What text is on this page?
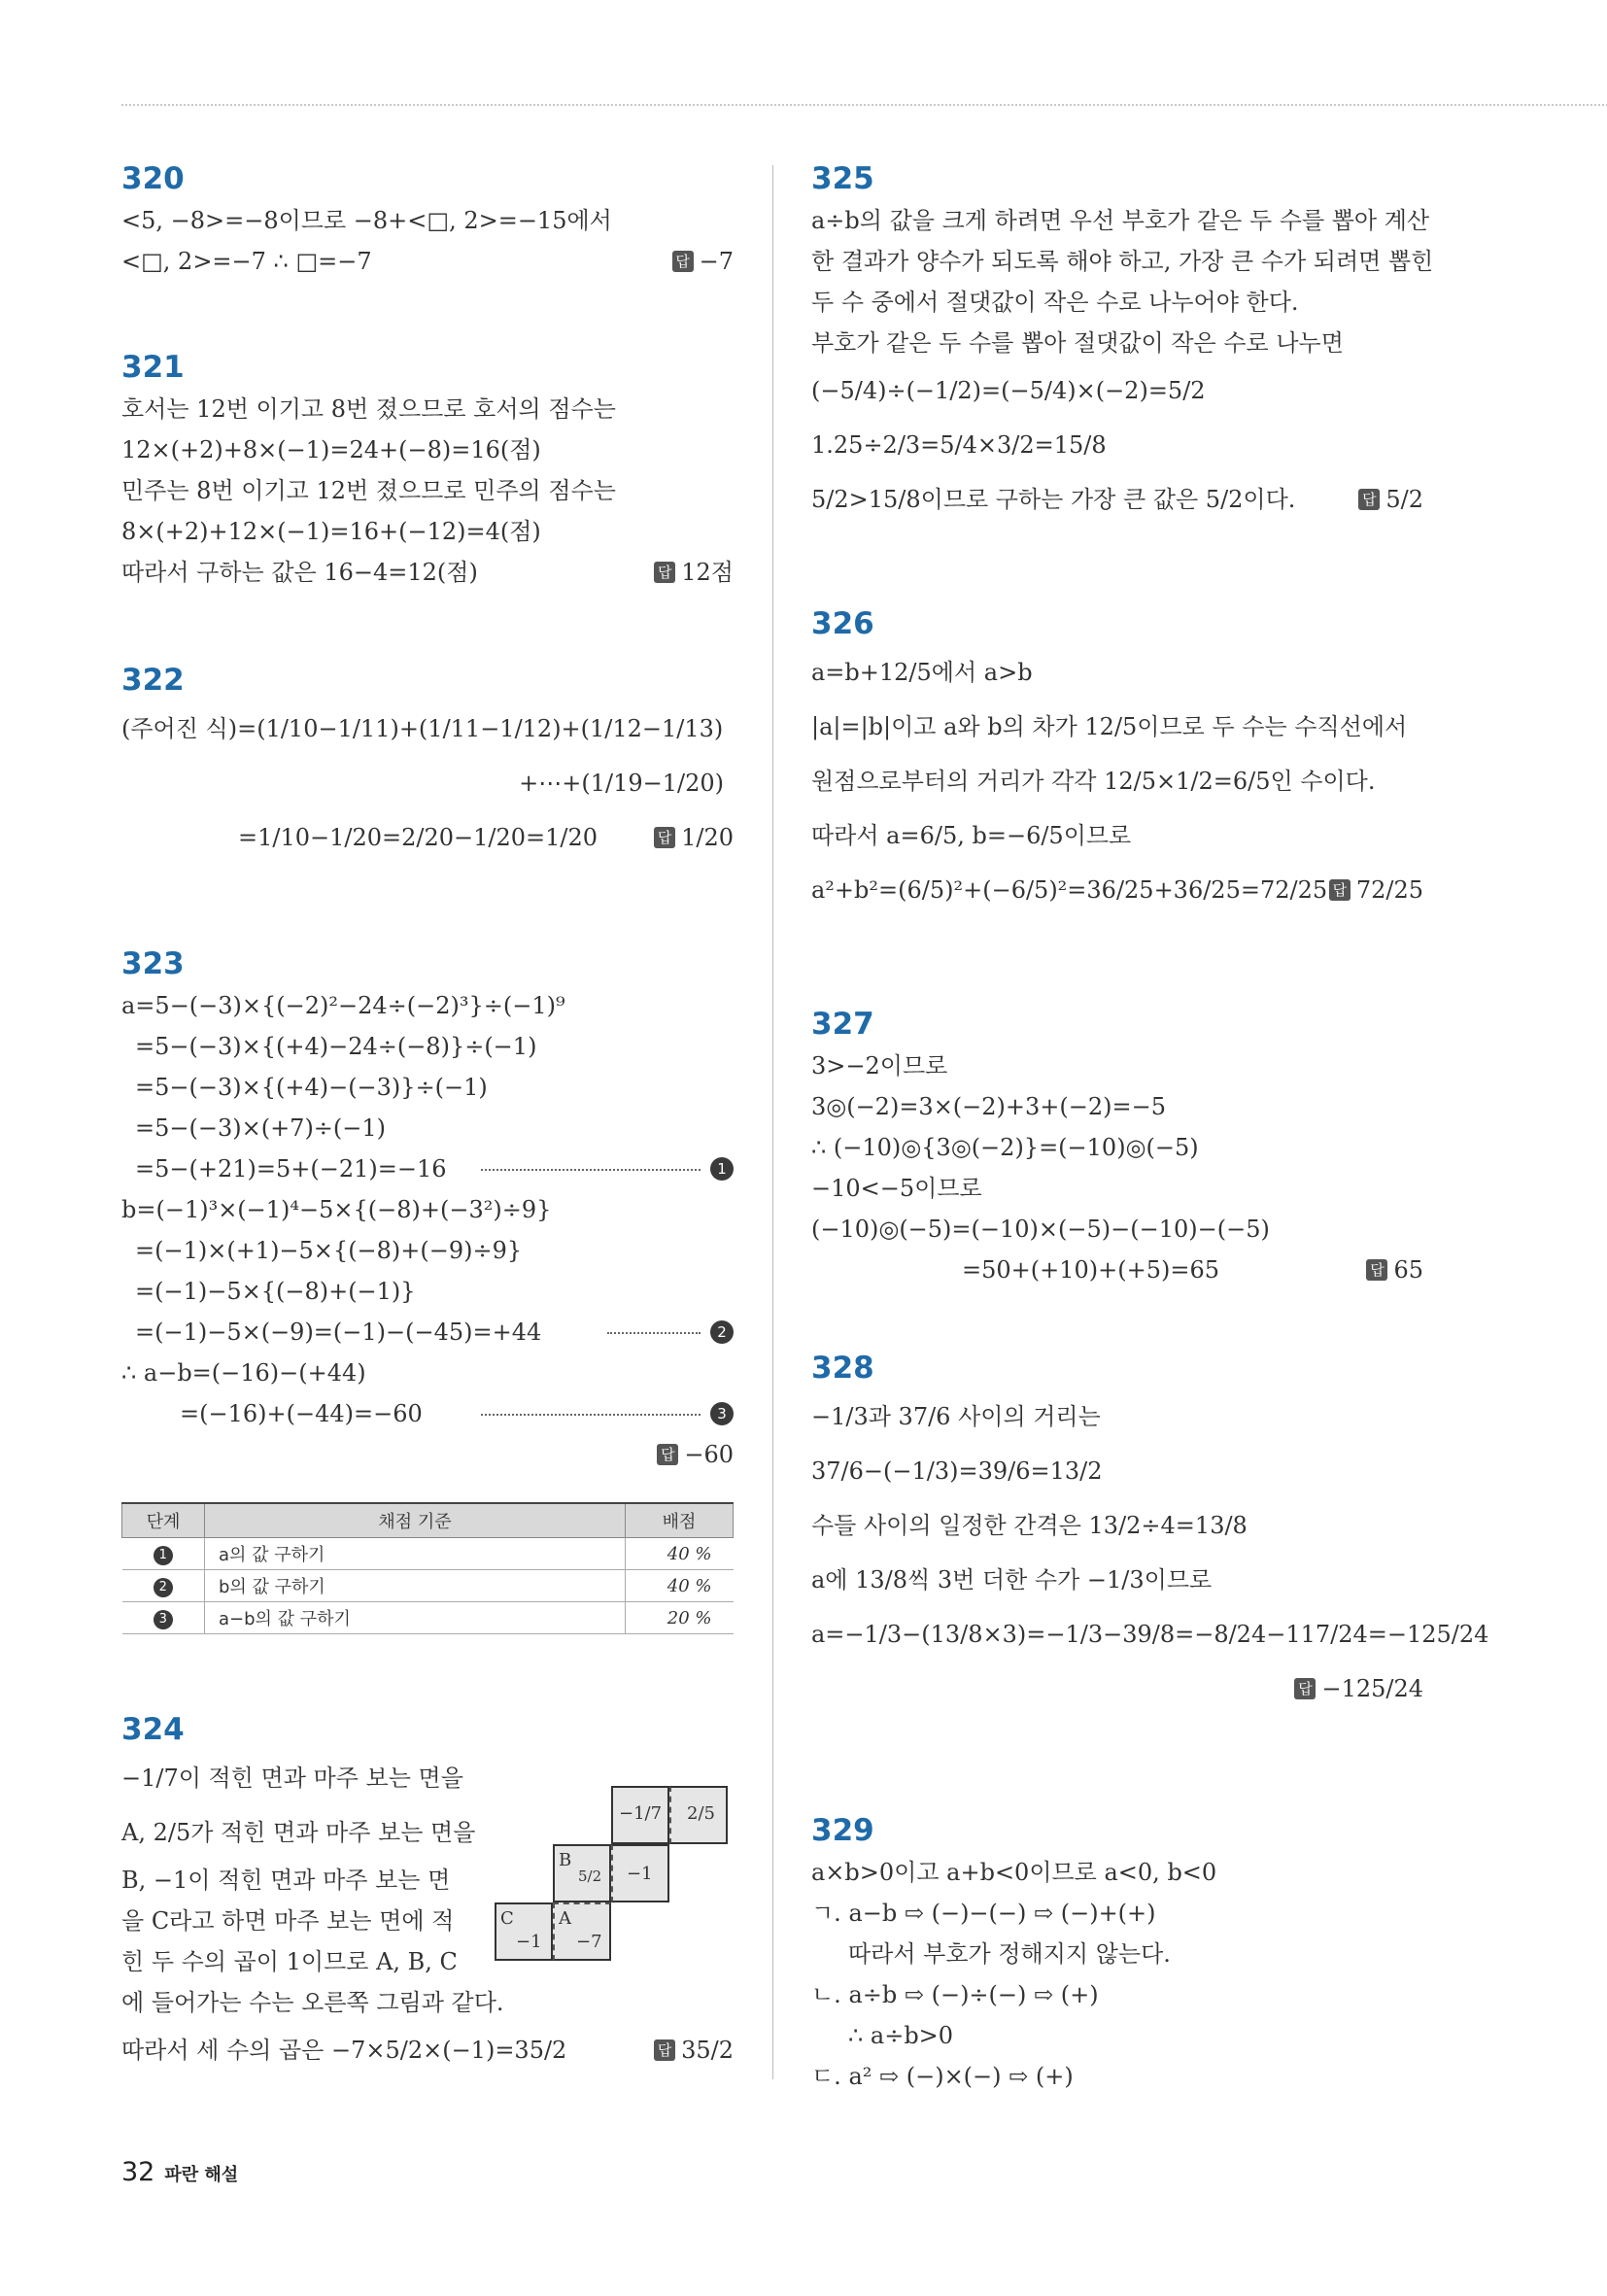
320
<5, −8>=−8이므로 −8+<□, 2>=−15에서
<□, 2>=−7 ∴ □=−7	답 −7
321
호서는 12번 이기고 8번 졌으므로 호서의 점수는
12×(+2)+8×(−1)=24+(−8)=16(점)
민주는 8번 이기고 12번 졌으므로 민주의 점수는
8×(+2)+12×(−1)=16+(−12)=4(점)
따라서 구하는 값은 16−4=12(점)	답 12점
322
(주어진 식)=(1/10−1/11)+(1/11−1/12)+(1/12−1/13)
+⋯+(1/19−1/20)
=1/10−1/20=2/20−1/20=1/20	답 1/20
323
a=5−(−3)×{(−2)²−24÷(−2)³}÷(−1)⁹
=5−(−3)×{(+4)−24÷(−8)}÷(−1)
=5−(−3)×{(+4)−(−3)}÷(−1)
=5−(−3)×(+7)÷(−1)
=5−(+21)=5+(−21)=−16	1
b=(−1)³×(−1)⁴−5×{(−8)+(−3²)÷9}
=(−1)×(+1)−5×{(−8)+(−9)÷9}
=(−1)−5×{(−8)+(−1)}
=(−1)−5×(−9)=(−1)−(−45)=+44	2
∴ a−b=(−16)−(+44)
=(−16)+(−44)=−60	3
답 −60
단계	채점 기준	배점
1	a의 값 구하기	40 %
2	b의 값 구하기	40 %
3	a−b의 값 구하기	20 %
324
−1/7이 적힌 면과 마주 보는 면을
A, 2/5가 적힌 면과 마주 보는 면을
B, −1이 적힌 면과 마주 보는 면
을 C라고 하면 마주 보는 면에 적
힌 두 수의 곱이 1이므로 A, B, C
에 들어가는 수는 오른쪽 그림과 같다.
따라서 세 수의 곱은 −7×5/2×(−1)=35/2	답 35/2
−1/7 2/5
B
5/2 −1
C
−1
A
−7
325
a÷b의 값을 크게 하려면 우선 부호가 같은 두 수를 뽑아 계산
한 결과가 양수가 되도록 해야 하고, 가장 큰 수가 되려면 뽑힌
두 수 중에서 절댓값이 작은 수로 나누어야 한다.
부호가 같은 두 수를 뽑아 절댓값이 작은 수로 나누면
(−5/4)÷(−1/2)=(−5/4)×(−2)=5/2
1.25÷2/3=5/4×3/2=15/8
5/2>15/8이므로 구하는 가장 큰 값은 5/2이다.	답 5/2
326
a=b+12/5에서 a>b
|a|=|b|이고 a와 b의 차가 12/5이므로 두 수는 수직선에서
원점으로부터의 거리가 각각 12/5×1/2=6/5인 수이다.
따라서 a=6/5, b=−6/5이므로
a²+b²=(6/5)²+(−6/5)²=36/25+36/25=72/25 답 72/25
327
3>−2이므로
3◎(−2)=3×(−2)+3+(−2)=−5
∴ (−10)◎{3◎(−2)}=(−10)◎(−5)
−10<−5이므로
(−10)◎(−5)=(−10)×(−5)−(−10)−(−5)
=50+(+10)+(+5)=65	답 65
328
−1/3과 37/6 사이의 거리는
37/6−(−1/3)=39/6=13/2
수들 사이의 일정한 간격은 13/2÷4=13/8
a에 13/8씩 3번 더한 수가 −1/3이므로
a=−1/3−(13/8×3)=−1/3−39/8=−8/24−117/24=−125/24
답 −125/24
329
a×b>0이고 a+b<0이므로 a<0, b<0
ㄱ. a−b ⇨ (−)−(−) ⇨ (−)+(+)
따라서 부호가 정해지지 않는다.
ㄴ. a÷b ⇨ (−)÷(−) ⇨ (+)
∴ a÷b>0
ㄷ. a² ⇨ (−)×(−) ⇨ (+)
32 파란 해설
